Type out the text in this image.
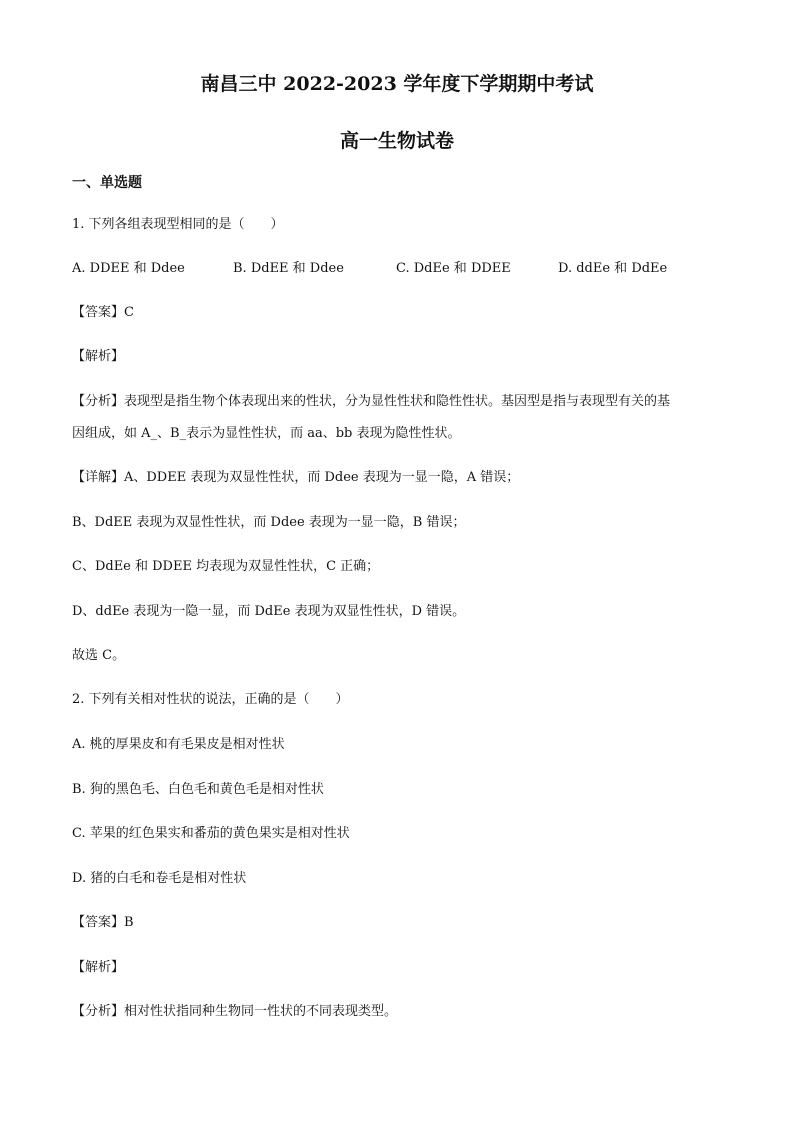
南昌三中 2022-2023 学年度下学期期中考试
高一生物试卷
一、单选题
1. 下列各组表现型相同的是（　　）
A. DDEE 和 Ddee	B. DdEE 和 Ddee	C. DdEe 和 DDEE	D. ddEe 和 DdEe
【答案】C
【解析】
【分析】表现型是指生物个体表现出来的性状，分为显性性状和隐性性状。基因型是指与表现型有关的基
因组成，如 A_、B_表示为显性性状，而 aa、bb 表现为隐性性状。
【详解】A、DDEE 表现为双显性性状，而 Ddee 表现为一显一隐，A 错误；
B、DdEE 表现为双显性性状，而 Ddee 表现为一显一隐，B 错误；
C、DdEe 和 DDEE 均表现为双显性性状，C 正确；
D、ddEe 表现为一隐一显，而 DdEe 表现为双显性性状，D 错误。
故选 C。
2. 下列有关相对性状的说法，正确的是（　　）
A. 桃的厚果皮和有毛果皮是相对性状
B. 狗的黑色毛、白色毛和黄色毛是相对性状
C. 苹果的红色果实和番茄的黄色果实是相对性状
D. 猪的白毛和卷毛是相对性状
【答案】B
【解析】
【分析】相对性状指同种生物同一性状的不同表现类型。
